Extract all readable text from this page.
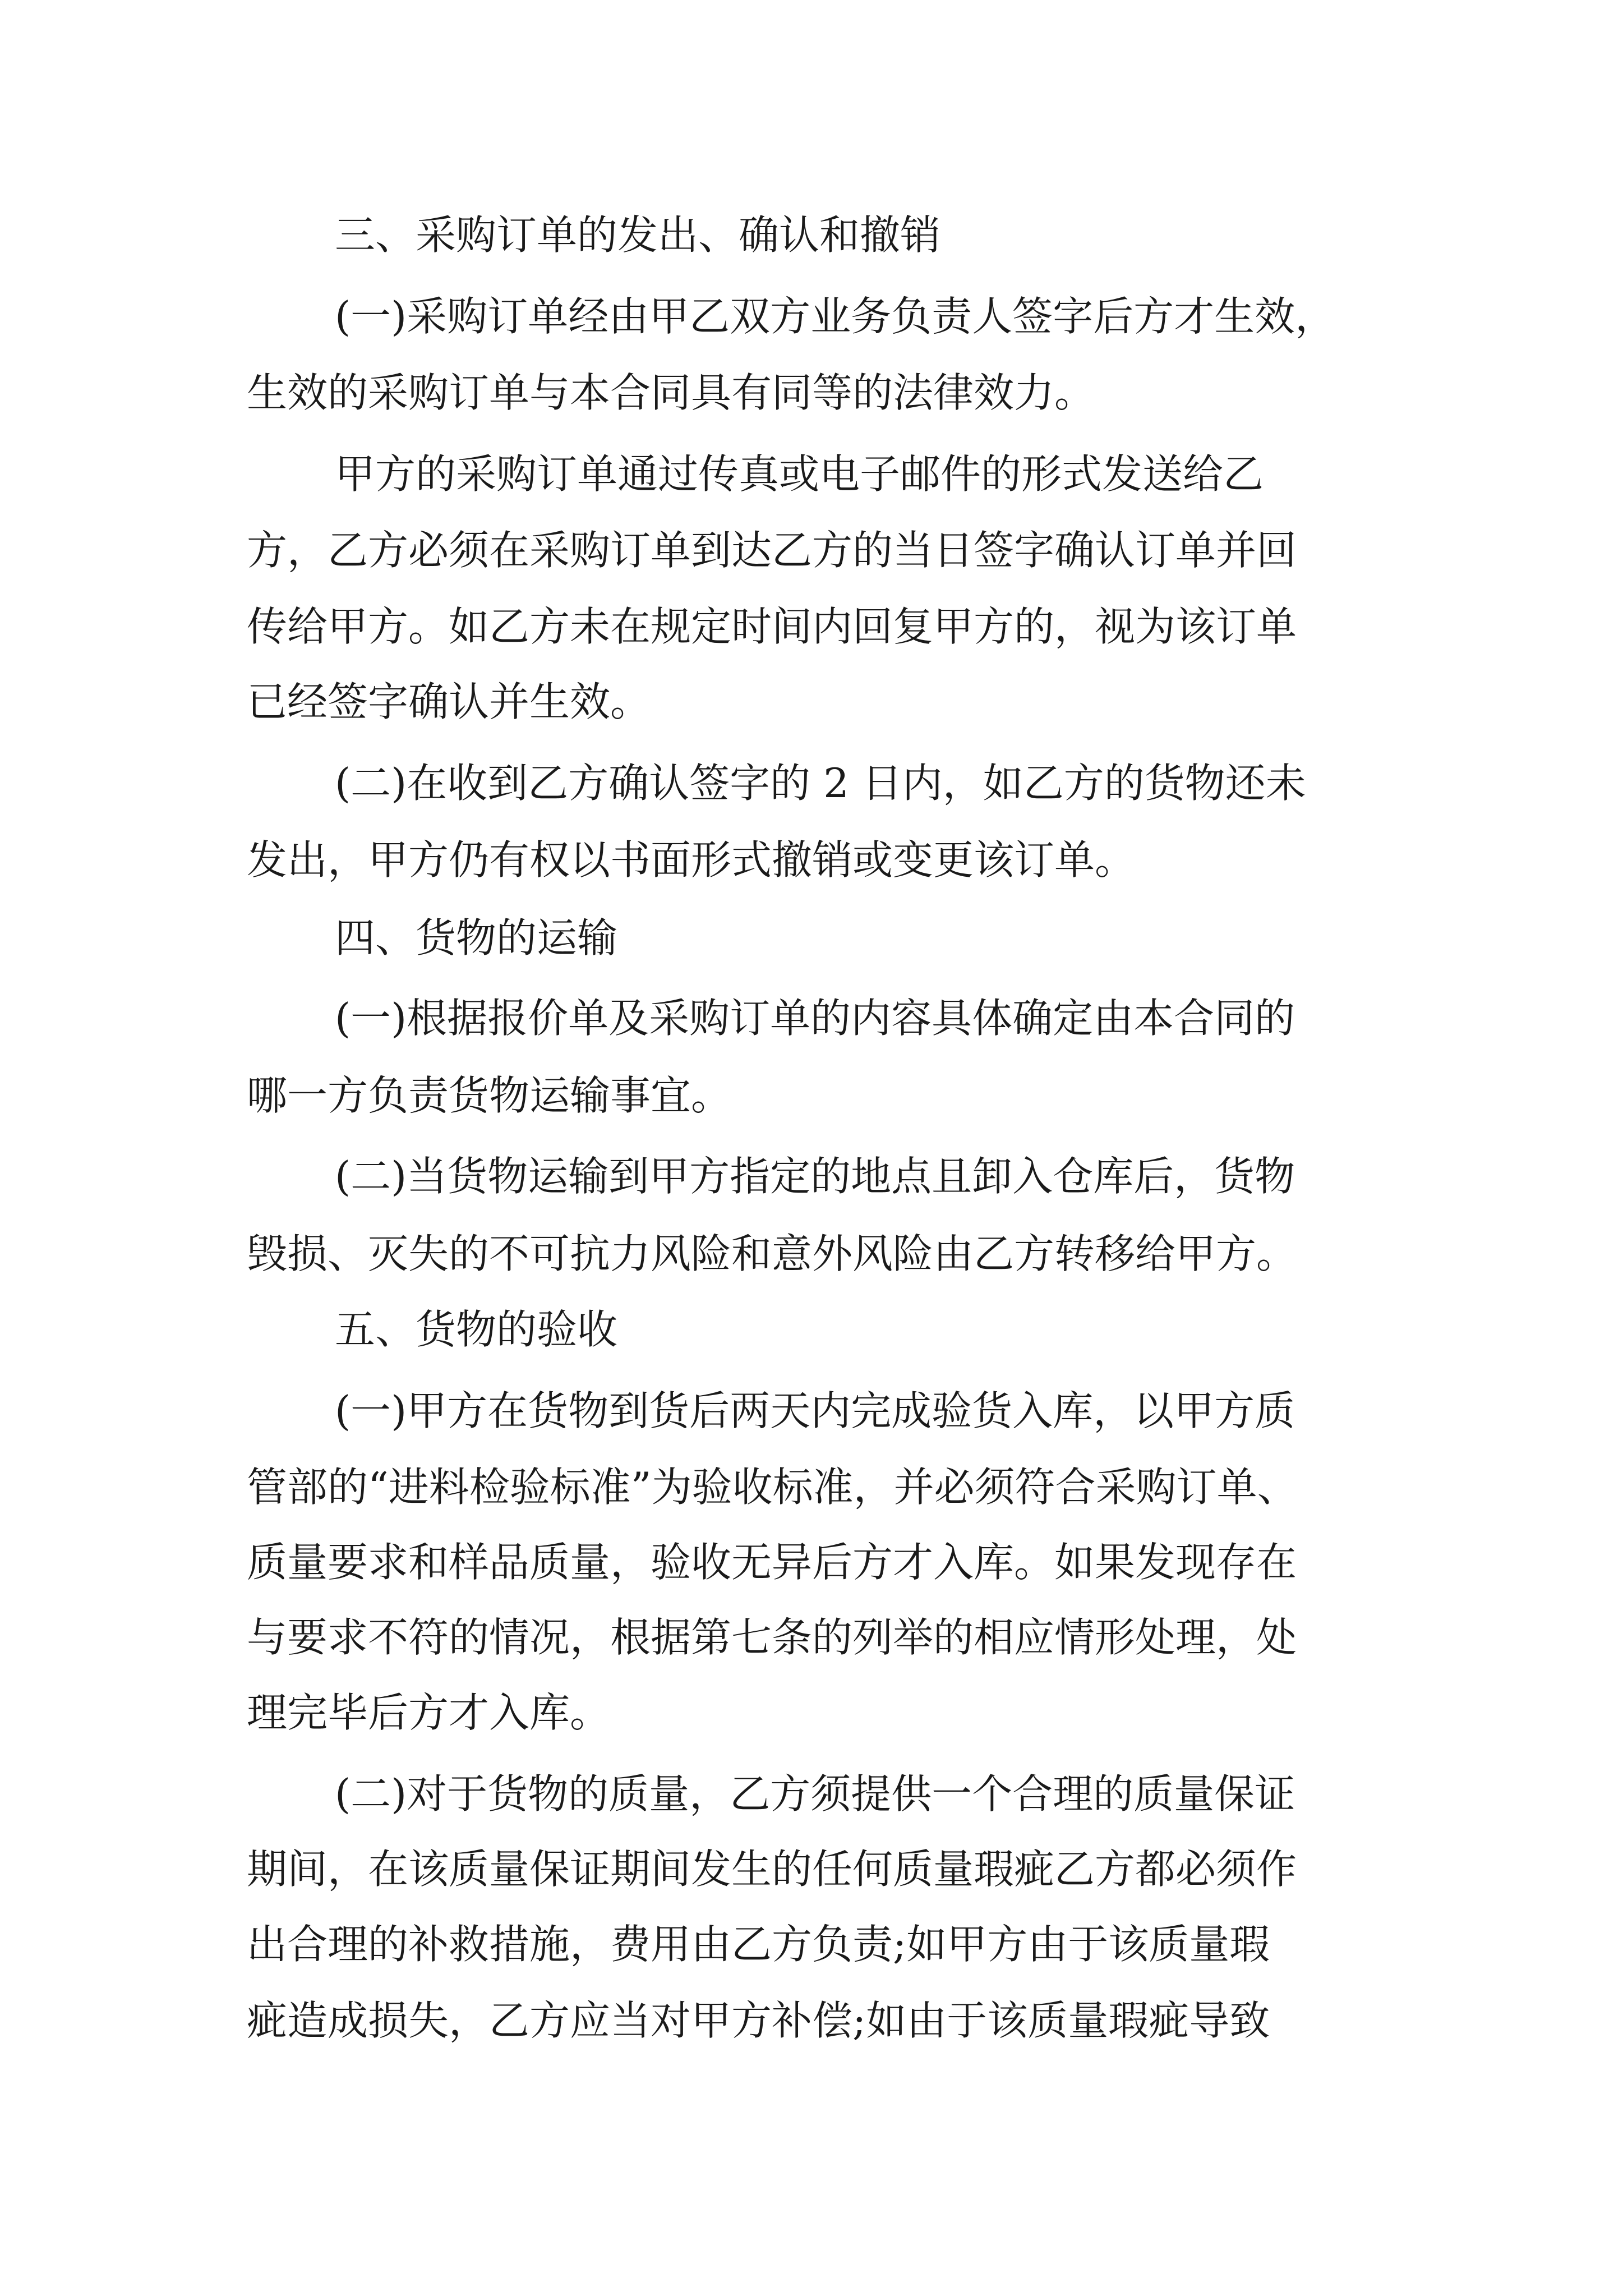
三、采购订单的发出、确认和撤销

(一)采购订单经由甲乙双方业务负责人签字后方才生效，

生效的采购订单与本合同具有同等的法律效力。

甲方的采购订单通过传真或电子邮件的形式发送给乙

方，乙方必须在采购订单到达乙方的当日签字确认订单并回

传给甲方。如乙方未在规定时间内回复甲方的，视为该订单

已经签字确认并生效。

(二)在收到乙方确认签字的 2 日内，如乙方的货物还未

发出，甲方仍有权以书面形式撤销或变更该订单。

四、货物的运输

(一)根据报价单及采购订单的内容具体确定由本合同的

哪一方负责货物运输事宜。

(二)当货物运输到甲方指定的地点且卸入仓库后，货物

毁损、灭失的不可抗力风险和意外风险由乙方转移给甲方。

五、货物的验收

(一)甲方在货物到货后两天内完成验货入库，以甲方质

管部的“进料检验标准”为验收标准，并必须符合采购订单、

质量要求和样品质量，验收无异后方才入库。如果发现存在

与要求不符的情况，根据第七条的列举的相应情形处理，处

理完毕后方才入库。

(二)对于货物的质量，乙方须提供一个合理的质量保证

期间，在该质量保证期间发生的任何质量瑕疵乙方都必须作

出合理的补救措施，费用由乙方负责;如甲方由于该质量瑕

疵造成损失，乙方应当对甲方补偿;如由于该质量瑕疵导致
